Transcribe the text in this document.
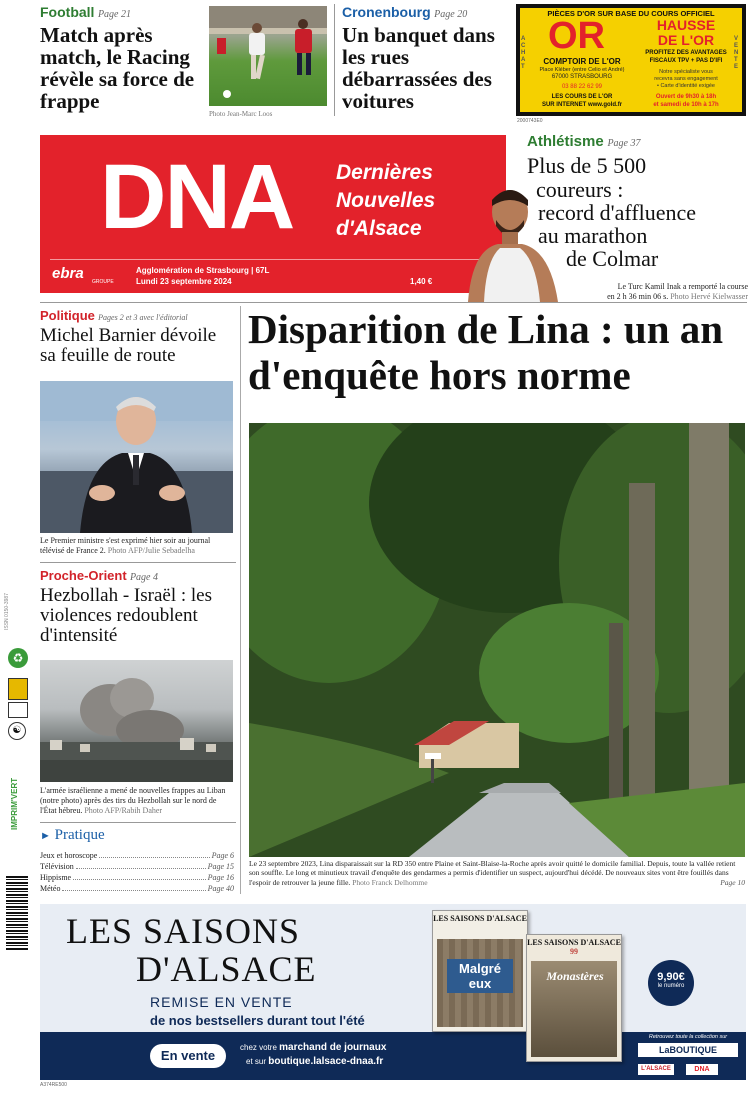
Football Page 21
Match après match, le Racing révèle sa force de frappe
Photo Jean-Marc Loos
Cronenbourg Page 20
Un banquet dans les rues débarrassées des voitures
PIÈCES D'OR SUR BASE DU COURS OFFICIEL
ACHAT
VENTE
OR
COMPTOIR DE L'OR
Place Kléber (entre Celio et André)
67000 STRASBOURG
03 88 22 62 99
LES COURS DE L'OR
SUR INTERNET www.gold.fr
HAUSSE
DE L'OR
PROFITEZ DES AVANTAGES
FISCAUX TPV + PAS D'IFI
Notre spécialiste vous
recevra sans engagement
• Carte d'identité exigée
Ouvert de 9h30 à 18h
et samedi de 10h à 17h
2000743E0
DNA Dernières
Nouvelles
d'Alsace
ebra GROUPE
Agglomération de Strasbourg | 67L
Lundi 23 septembre 2024	1,40 €
Athlétisme Page 37
Plus de 5 500
coureurs :
record d'affluence
au marathon
de Colmar
Le Turc Kamil Inak a remporté la course
en 2 h 36 min 06 s. Photo Hervé Kielwasser
Politique Pages 2 et 3 avec l'éditorial
Michel Barnier dévoile sa feuille de route
Le Premier ministre s'est exprimé hier soir au journal télévisé de France 2. Photo AFP/Julie Sebadelha
Proche-Orient Page 4
Hezbollah - Israël : les violences redoublent d'intensité
L'armée israélienne a mené de nouvelles frappes au Liban (notre photo) après des tirs du Hezbollah sur le nord de l'État hébreu. Photo AFP/Rabih Daher
► Pratique
Jeux et horoscope	Page 6
Télévision	Page 15
Hippisme	Page 16
Météo	Page 40
ISSN 0150-3987
♻
☯
IMPRIM'VERT
Disparition de Lina : un an
d'enquête hors norme
Le 23 septembre 2023, Lina disparaissait sur la RD 350 entre Plaine et Saint-Blaise-la-Roche après avoir quitté le domicile familial. Depuis, toute la vallée retient son souffle. Le long et minutieux travail d'enquête des gendarmes a permis d'identifier un suspect, aujourd'hui décédé. De nouveaux sites vont être fouillés dans l'espoir de retrouver la jeune fille. Photo Franck Delhomme	Page 10
LES SAISONS
D'ALSACE
REMISE EN VENTE
de nos bestsellers durant tout l'été
En vente
chez votre marchand de journaux
et sur boutique.lalsace-dnaa.fr
LES SAISONS D'ALSACE
Malgré eux
LES SAISONS D'ALSACE 99
Monastères	9,90€
le numéro
Retrouvez toute la collection sur
LaBOUTIQUE
L'ALSACE	DNA
A374RE500
